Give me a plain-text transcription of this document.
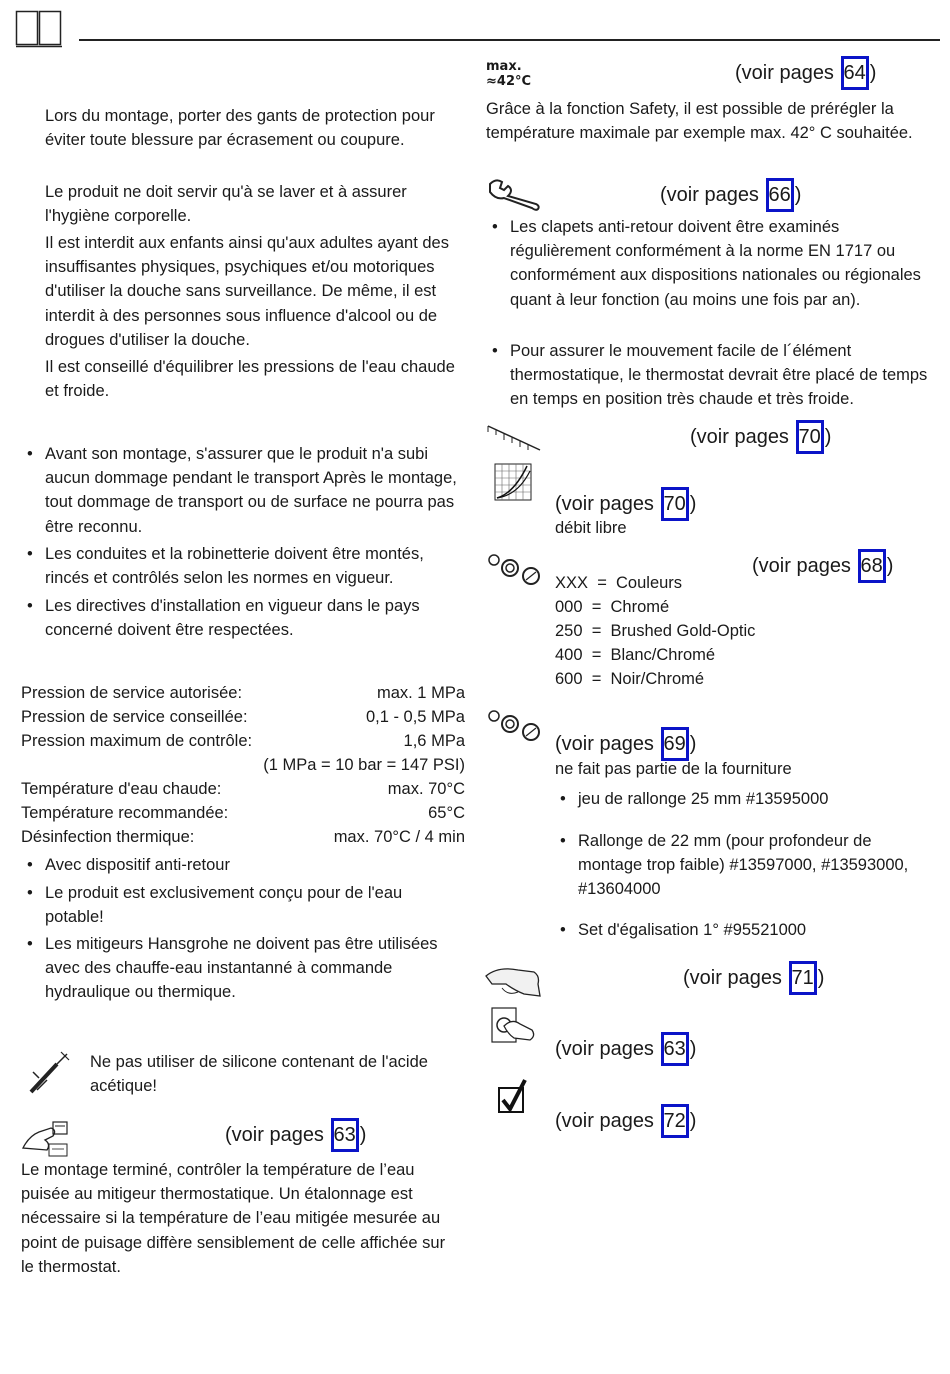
Lors du montage, porter des gants de protection pour éviter toute blessure par écrasement ou coupure.

Le produit ne doit servir qu'à se laver et à assurer l'hygiène corporelle.

Il est interdit aux enfants ainsi qu'aux adultes ayant des insuffisantes physiques, psychiques et/ou motoriques d'utiliser la douche sans surveillance. De même, il est interdit à des personnes sous influence d'alcool ou de drogues d'utiliser la douche.

Il est conseillé d'équilibrer les pressions de l'eau chaude et froide.

• Avant son montage, s'assurer que le produit n'a subi aucun dommage pendant le transport Après le montage, tout dommage de transport ou de surface ne pourra pas être reconnu.
• Les conduites et la robinetterie doivent être montés, rincés et contrôlés selon les normes en vigueur.
• Les directives d'installation en vigueur dans le pays concerné doivent être respectées.
Pression de service autorisée:	max. 1 MPa
Pression de service conseillée:	0,1 - 0,5 MPa
Pression maximum de contrôle:	1,6 MPa
(1 MPa = 10 bar = 147 PSI)
Température d'eau chaude:	max. 70°C
Température recommandée:	65°C
Désinfection thermique:	max. 70°C / 4 min
• Avec dispositif anti-retour
• Le produit est exclusivement conçu pour de l'eau potable!
• Les mitigeurs Hansgrohe ne doivent pas être utilisées avec des chauffe-eau instantanné à commande hydraulique ou thermique.

Ne pas utiliser de silicone contenant de l'acide acétique!

(voir pages 63 )

Le montage terminé, contrôler la température de l’eau puisée au mitigeur thermostatique. Un étalonnage est nécessaire si la température de l’eau mitigée mesurée au point de puisage diffère sensiblement de celle affichée sur le thermostat.

max.
≈42°C	(voir pages 64 )

Grâce à la fonction Safety, il est possible de prérégler la température maximale par exemple max. 42° C souhaitée.

(voir pages 66 )
• Les clapets anti-retour doivent être examinés régulièrement conformément à la norme EN 1717 ou conformément aux dispositions nationales ou régionales quant à leur fonction (au moins une fois par an).
• Pour assurer le mouvement facile de l´élément thermostatique, le thermostat devrait être placé de temps en temps en position très chaude et très froide.
(voir pages 70 )
(voir pages 70 )
débit libre
(voir pages 68 )
XXX = Couleurs
000 = Chromé
250 = Brushed Gold-Optic
400 = Blanc/Chromé
600 = Noir/Chromé
(voir pages 69 )
ne fait pas partie de la fourniture
• jeu de rallonge 25 mm #13595000
• Rallonge de 22 mm (pour profondeur de montage trop faible) #13597000, #13593000, #13604000
• Set d'égalisation 1° #95521000
(voir pages 71 )
(voir pages 63 )
(voir pages 72 )
